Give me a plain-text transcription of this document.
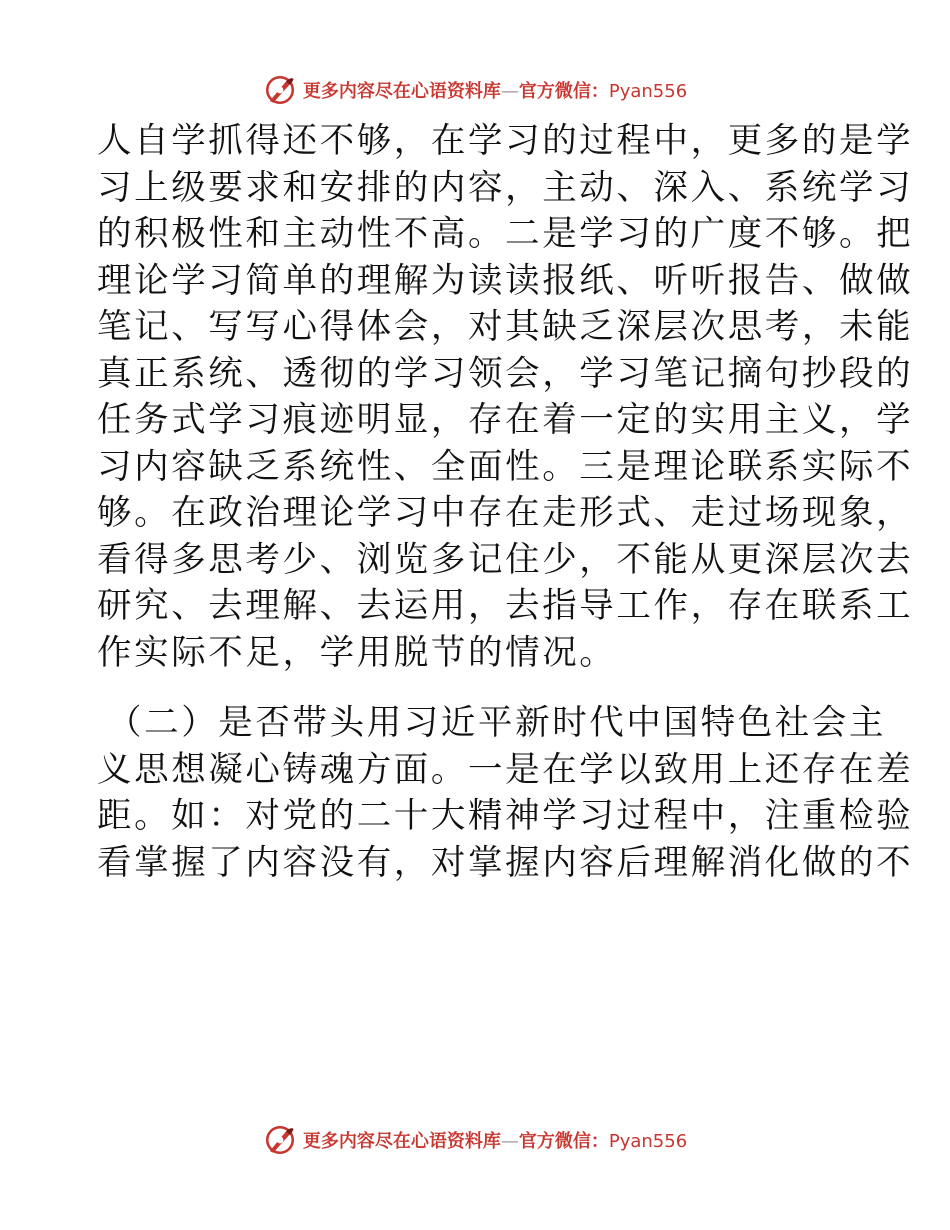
更多内容尽在心语资料库—官方微信：Pyan556
人自学抓得还不够，在学习的过程中，更多的是学
习上级要求和安排的内容，主动、深入、系统学习
的积极性和主动性不高。二是学习的广度不够。把
理论学习简单的理解为读读报纸、听听报告、做做
笔记、写写心得体会，对其缺乏深层次思考，未能
真正系统、透彻的学习领会，学习笔记摘句抄段的
任务式学习痕迹明显，存在着一定的实用主义，学
习内容缺乏系统性、全面性。三是理论联系实际不
够。在政治理论学习中存在走形式、走过场现象，
看得多思考少、浏览多记住少，不能从更深层次去
研究、去理解、去运用，去指导工作，存在联系工
作实际不足，学用脱节的情况。
（二）是否带头用习近平新时代中国特色社会主
义思想凝心铸魂方面。一是在学以致用上还存在差
距。如：对党的二十大精神学习过程中，注重检验
看掌握了内容没有，对掌握内容后理解消化做的不
更多内容尽在心语资料库—官方微信：Pyan556
